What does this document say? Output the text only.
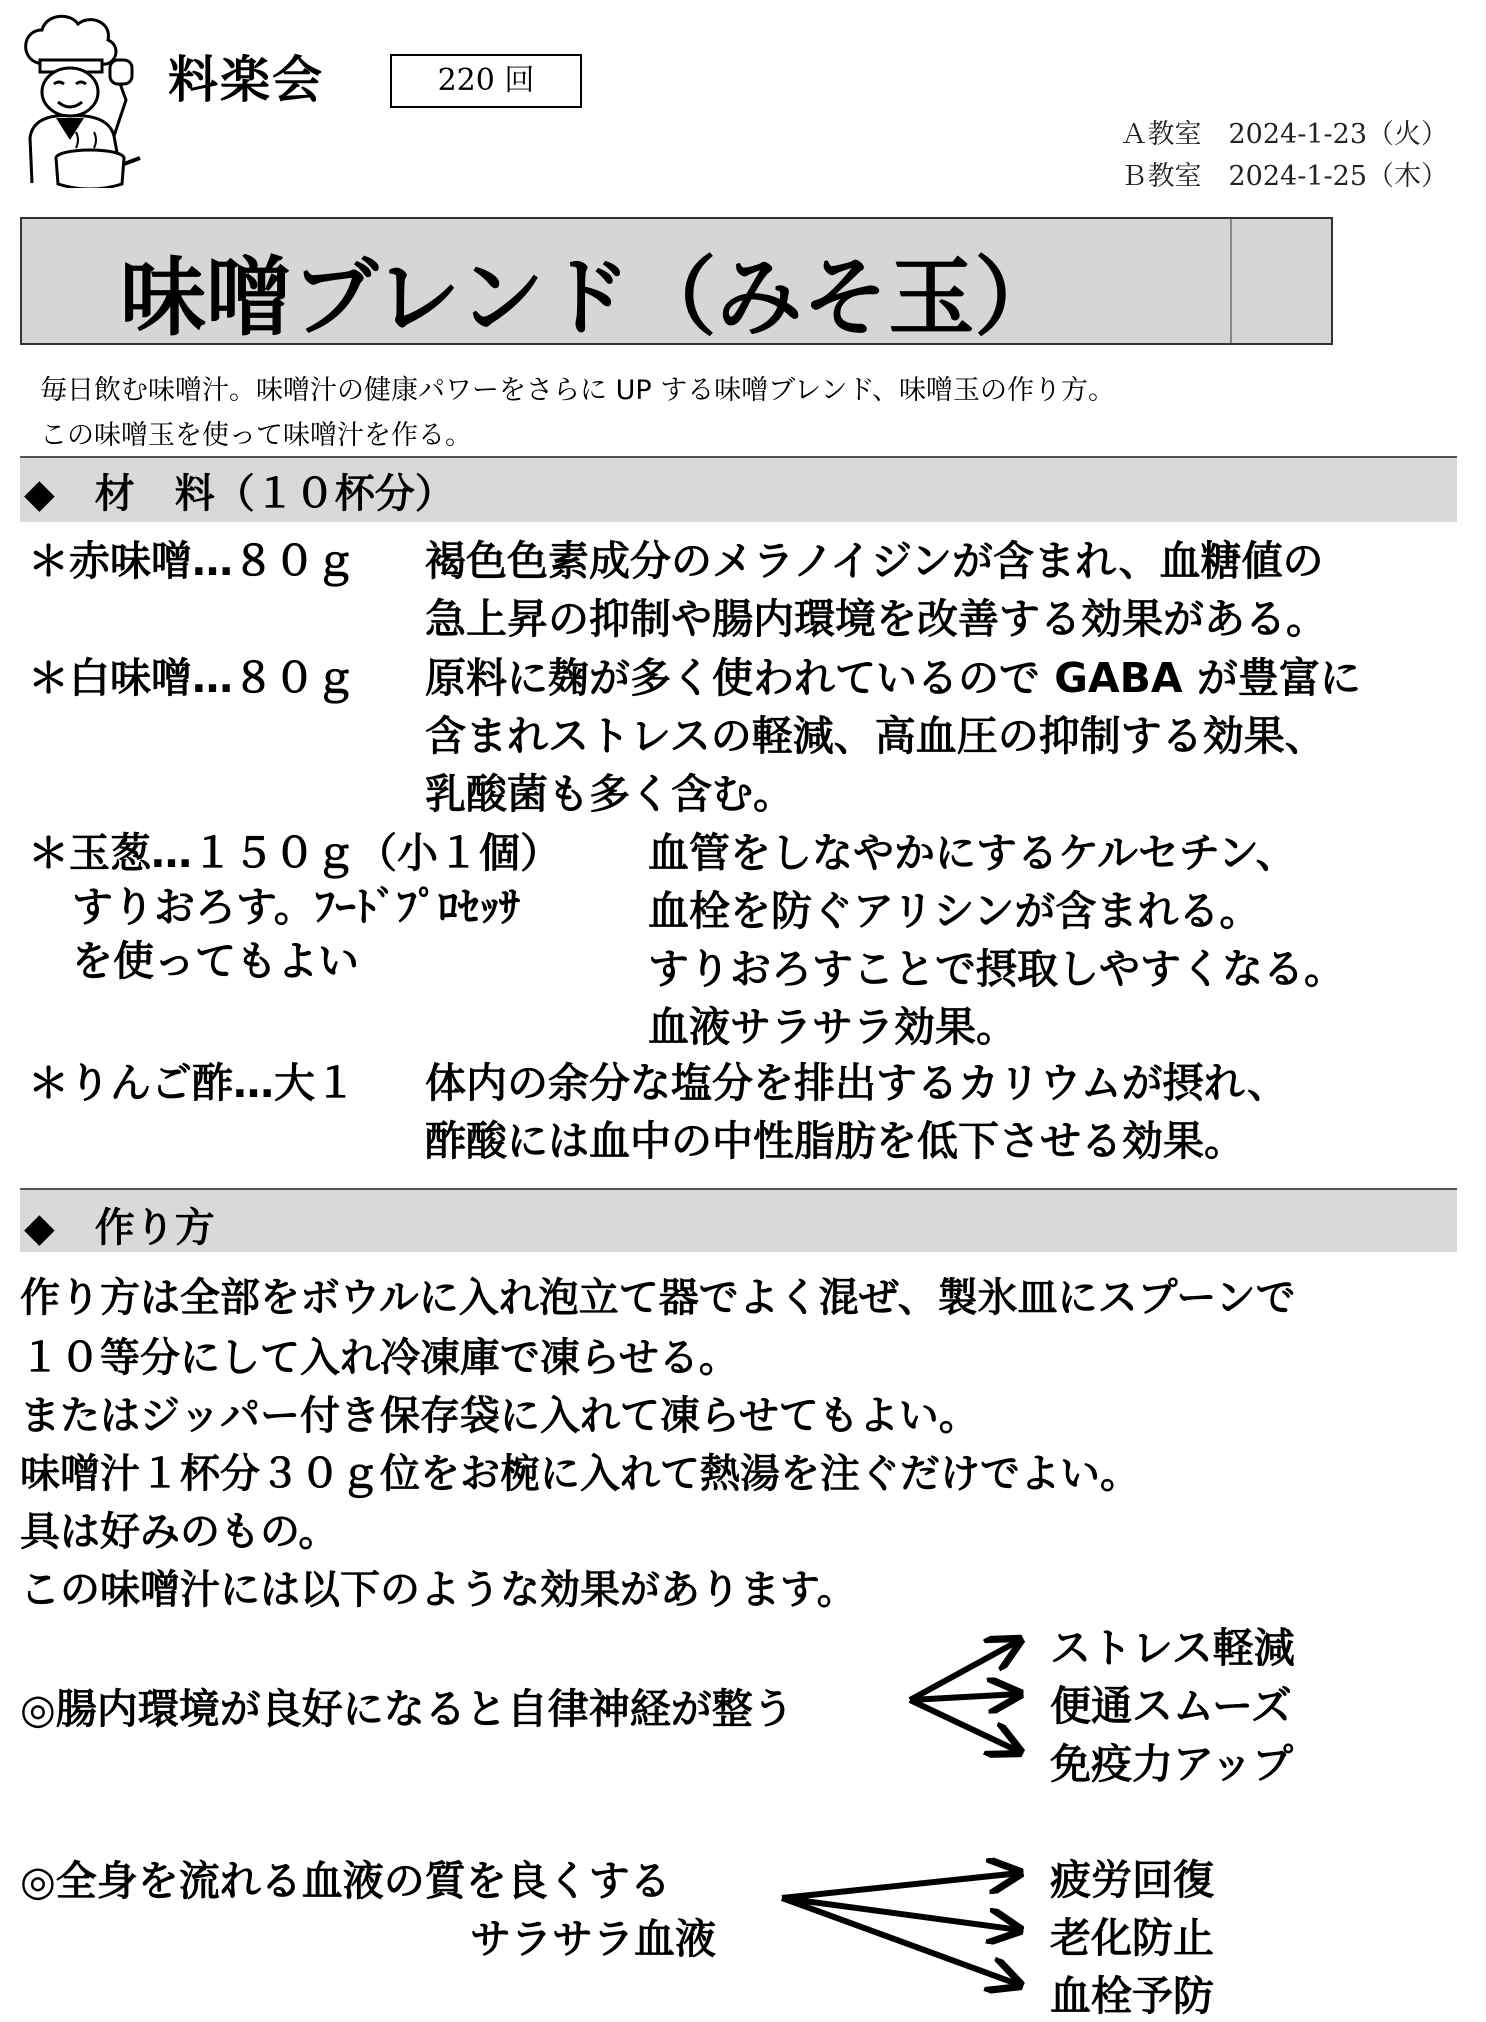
料楽会	220 回
Ａ教室　2024-1-23（火）
Ｂ教室　2024-1-25（木）
味噌ブレンド（みそ玉）
毎日飲む味噌汁。味噌汁の健康パワーをさらに UP する味噌ブレンド、味噌玉の作り方。
この味噌玉を使って味噌汁を作る。
◆　材　料（１０杯分）
＊赤味噌…８０ｇ 褐色色素成分のメラノイジンが含まれ、血糖値の
急上昇の抑制や腸内環境を改善する効果がある。
＊白味噌…８０ｇ 原料に麹が多く使われているので GABA が豊富に
含まれストレスの軽減、高血圧の抑制する効果、
乳酸菌も多く含む。
＊玉葱…１５０ｇ（小１個）
すりおろす。ﾌｰﾄﾞﾌﾟﾛｾｯｻ
を使ってもよい
血管をしなやかにするケルセチン、
血栓を防ぐアリシンが含まれる。
すりおろすことで摂取しやすくなる。
血液サラサラ効果。
＊りんご酢…大１ 体内の余分な塩分を排出するカリウムが摂れ、
酢酸には血中の中性脂肪を低下させる効果。
◆　作り方
作り方は全部をボウルに入れ泡立て器でよく混ぜ、製氷皿にスプーンで
１０等分にして入れ冷凍庫で凍らせる。
またはジッパー付き保存袋に入れて凍らせてもよい。
味噌汁１杯分３０ｇ位をお椀に入れて熱湯を注ぐだけでよい。
具は好みのもの。
この味噌汁には以下のような効果があります。
◎腸内環境が良好になると自律神経が整う
ストレス軽減
便通スムーズ
免疫力アップ
◎全身を流れる血液の質を良くする
サラサラ血液
疲労回復
老化防止
血栓予防
